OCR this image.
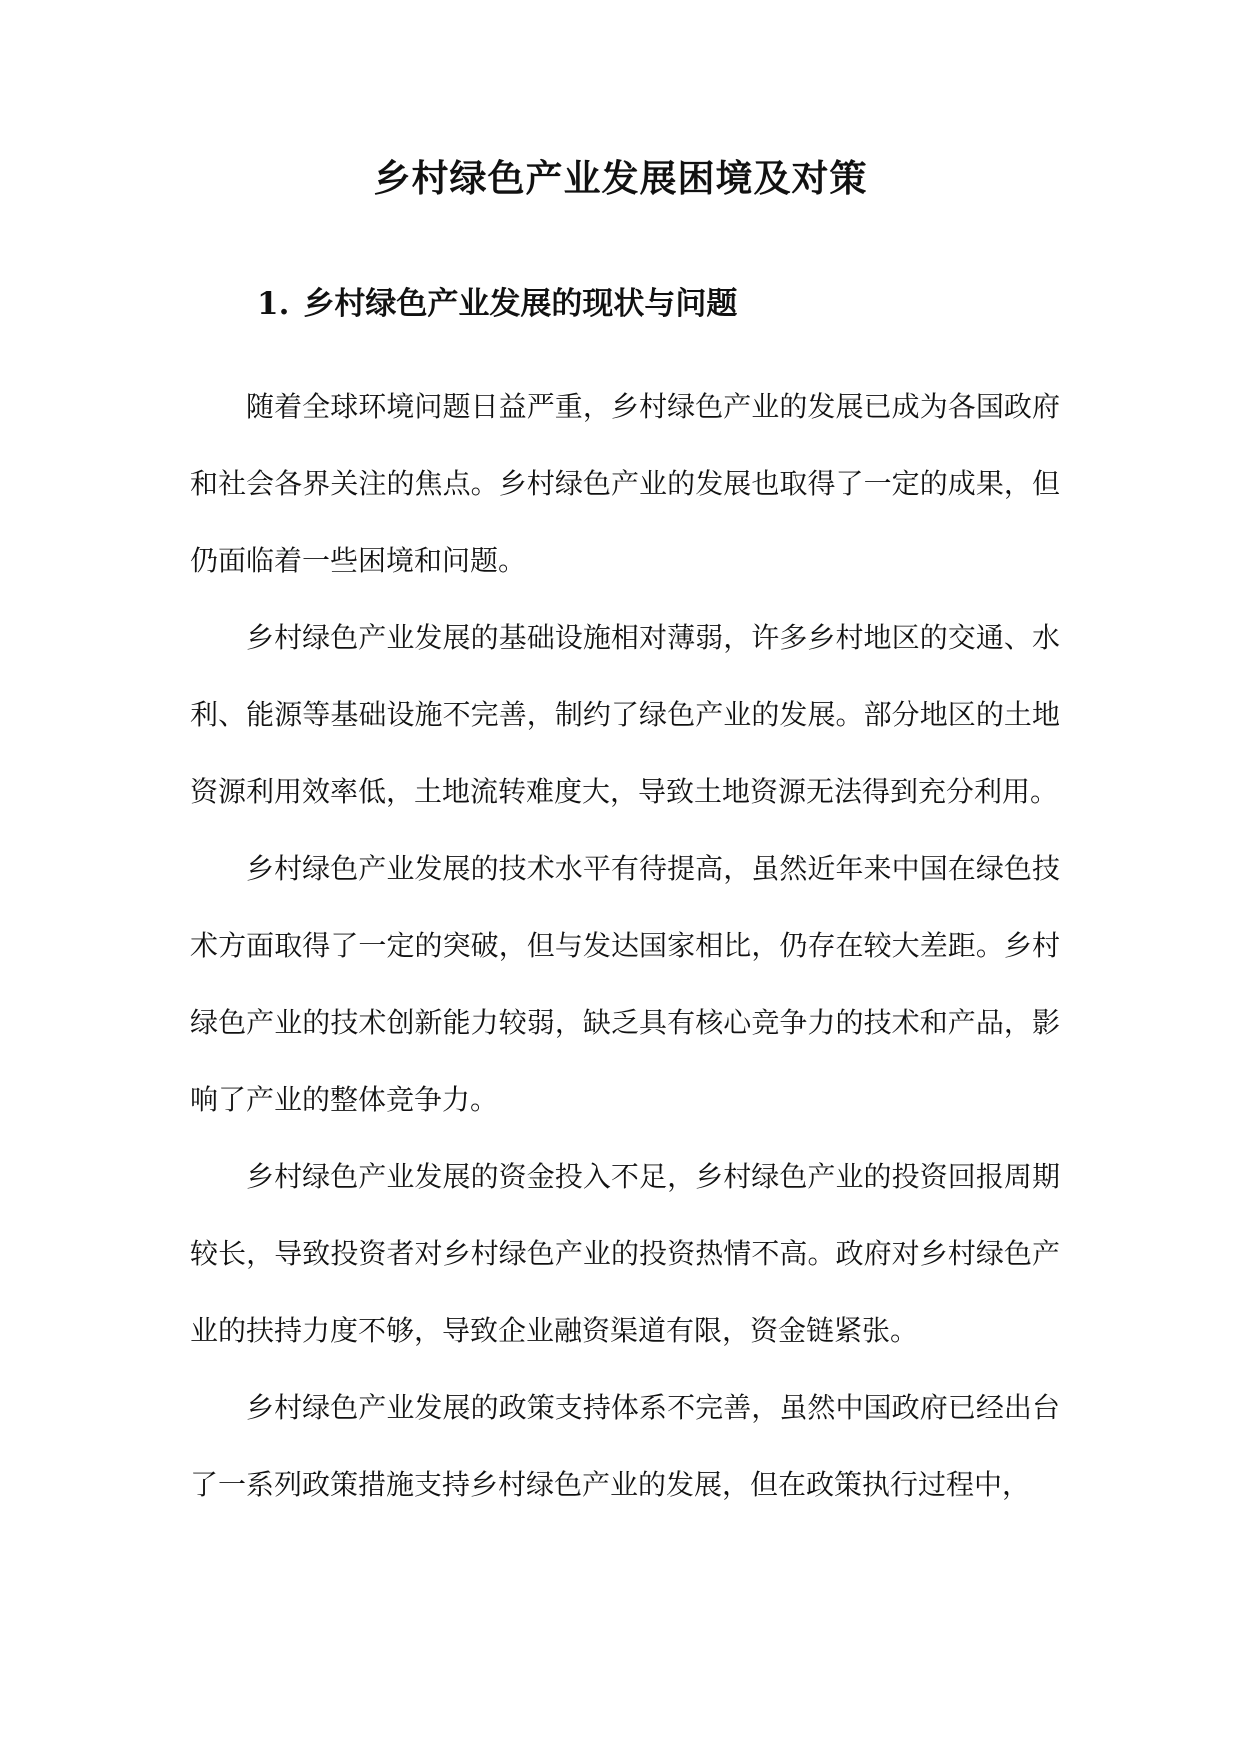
乡村绿色产业发展困境及对策
1. 乡村绿色产业发展的现状与问题

随着全球环境问题日益严重，乡村绿色产业的发展已成为各国政府和社会各界关注的焦点。乡村绿色产业的发展也取得了一定的成果，但仍面临着一些困境和问题。

乡村绿色产业发展的基础设施相对薄弱，许多乡村地区的交通、水利、能源等基础设施不完善，制约了绿色产业的发展。部分地区的土地资源利用效率低，土地流转难度大，导致土地资源无法得到充分利用。

乡村绿色产业发展的技术水平有待提高，虽然近年来中国在绿色技术方面取得了一定的突破，但与发达国家相比，仍存在较大差距。乡村绿色产业的技术创新能力较弱，缺乏具有核心竞争力的技术和产品，影响了产业的整体竞争力。

乡村绿色产业发展的资金投入不足，乡村绿色产业的投资回报周期较长，导致投资者对乡村绿色产业的投资热情不高。政府对乡村绿色产业的扶持力度不够，导致企业融资渠道有限，资金链紧张。

乡村绿色产业发展的政策支持体系不完善，虽然中国政府已经出台了一系列政策措施支持乡村绿色产业的发展，但在政策执行过程中，
